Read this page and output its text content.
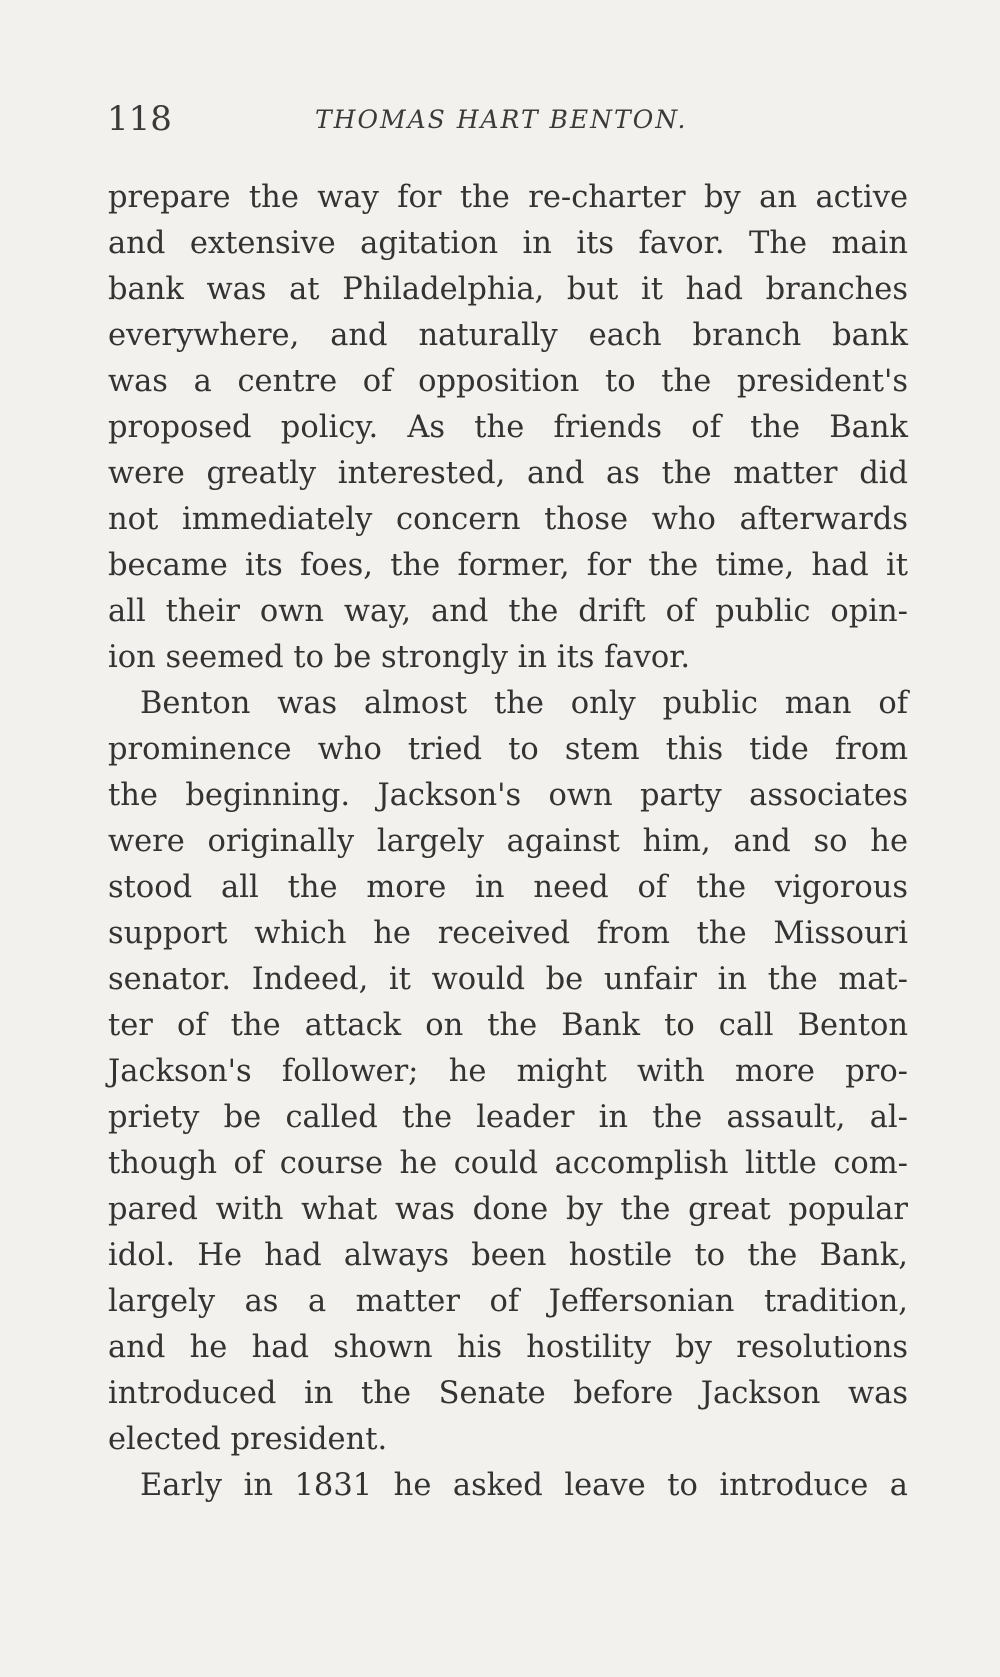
118	THOMAS HART BENTON.

prepare the way for the re-charter by an active
and extensive agitation in its favor. The main
bank was at Philadelphia, but it had branches
everywhere, and naturally each branch bank
was a centre of opposition to the president's
proposed policy. As the friends of the Bank
were greatly interested, and as the matter did
not immediately concern those who afterwards
became its foes, the former, for the time, had it
all their own way, and the drift of public opin-
ion seemed to be strongly in its favor.

Benton was almost the only public man of
prominence who tried to stem this tide from
the beginning. Jackson's own party associates
were originally largely against him, and so he
stood all the more in need of the vigorous
support which he received from the Missouri
senator. Indeed, it would be unfair in the mat-
ter of the attack on the Bank to call Benton
Jackson's follower; he might with more pro-
priety be called the leader in the assault, al-
though of course he could accomplish little com-
pared with what was done by the great popular
idol. He had always been hostile to the Bank,
largely as a matter of Jeffersonian tradition,
and he had shown his hostility by resolutions
introduced in the Senate before Jackson was
elected president.

Early in 1831 he asked leave to introduce a
